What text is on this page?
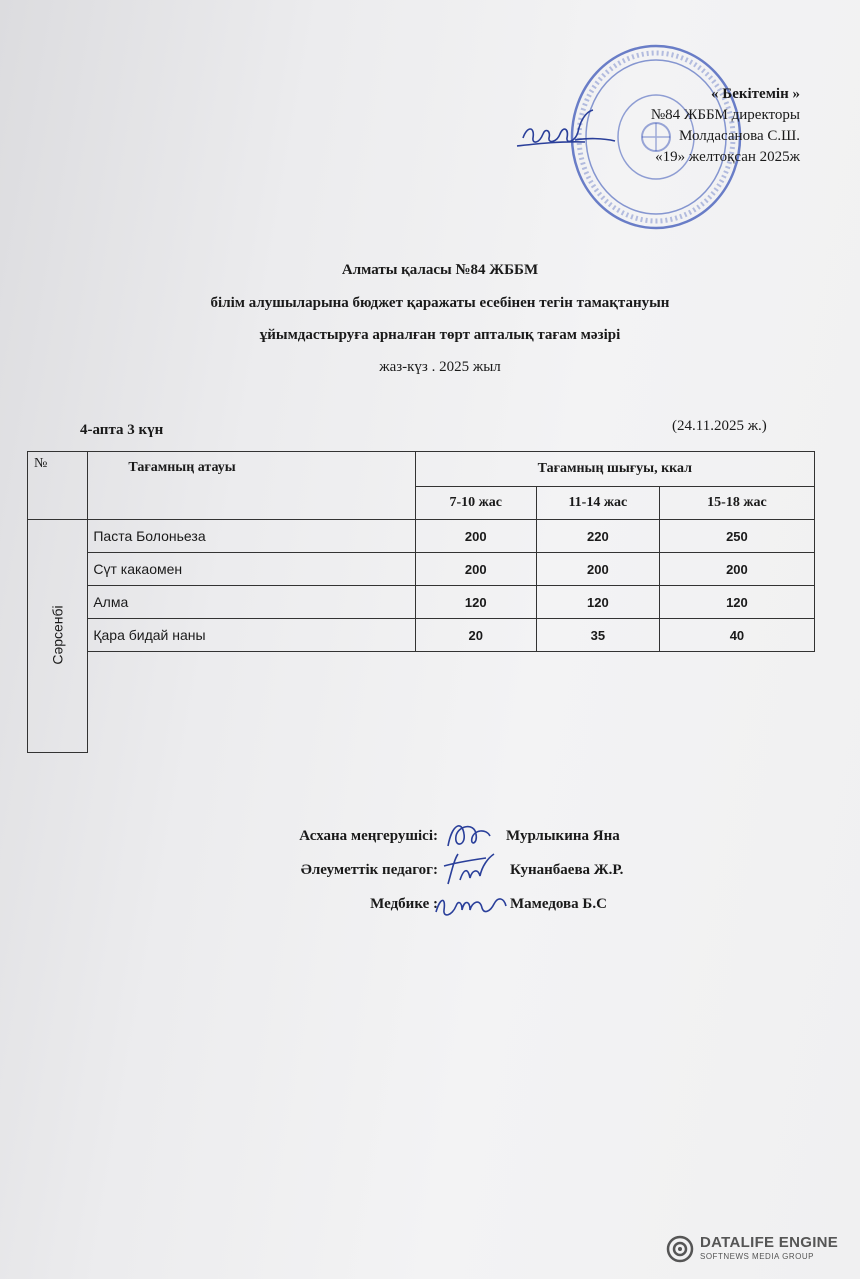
« Бекітемін »
№84 ЖББМ директоры
Молдасанова С.Ш.
«19» желтоқсан 2025ж
Алматы қаласы №84 ЖББМ
білім алушыларына бюджет қаражаты есебінен тегін тамақтануын
ұйымдастыруға арналған төрт апталық тағам мәзірі
жаз-күз . 2025 жыл
4-апта 3 күн	(24.11.2025 ж.)
№	Тағамның атауы	Тағамның шығуы, ккал		
		7-10 жас	11-14 жас	15-18 жас
Сәрсенбі	Паста Болоньеза	200	220	250
	Сүт какаомен	200	200	200
	Алма	120	120	120
	Қара бидай наны	20	35	40

Асхана меңгерушісі:	Мурлыкина Яна
Әлеуметтік педагог:	Кунанбаева Ж.Р.
Медбике :	Мамедова Б.С
DATALIFE ENGINE
SOFTNEWS MEDIA GROUP
